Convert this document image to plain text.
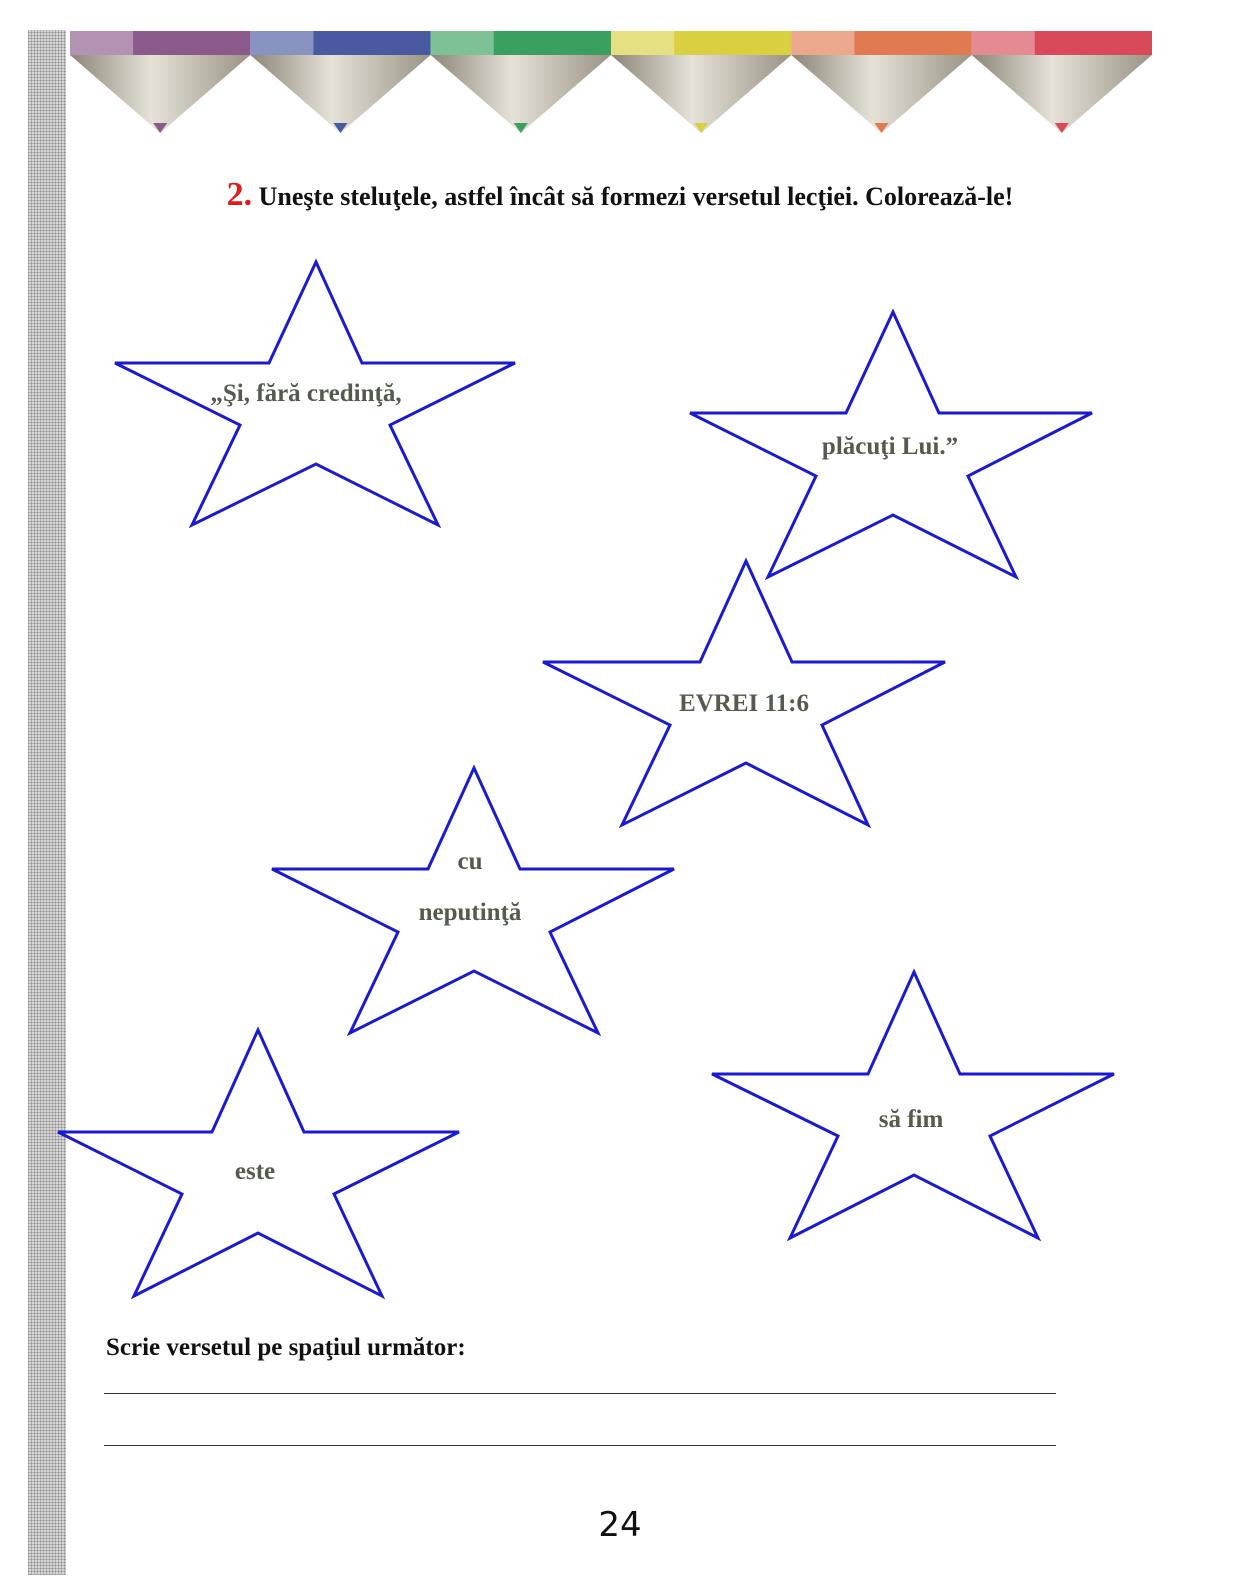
2. Uneşte steluţele, astfel încât să formezi versetul lecţiei. Colorează-le!
„Şi, fără credinţă,
plăcuţi Lui.”
EVREI 11:6
cu
neputinţă
este
să fim
Scrie versetul pe spaţiul următor:
24
